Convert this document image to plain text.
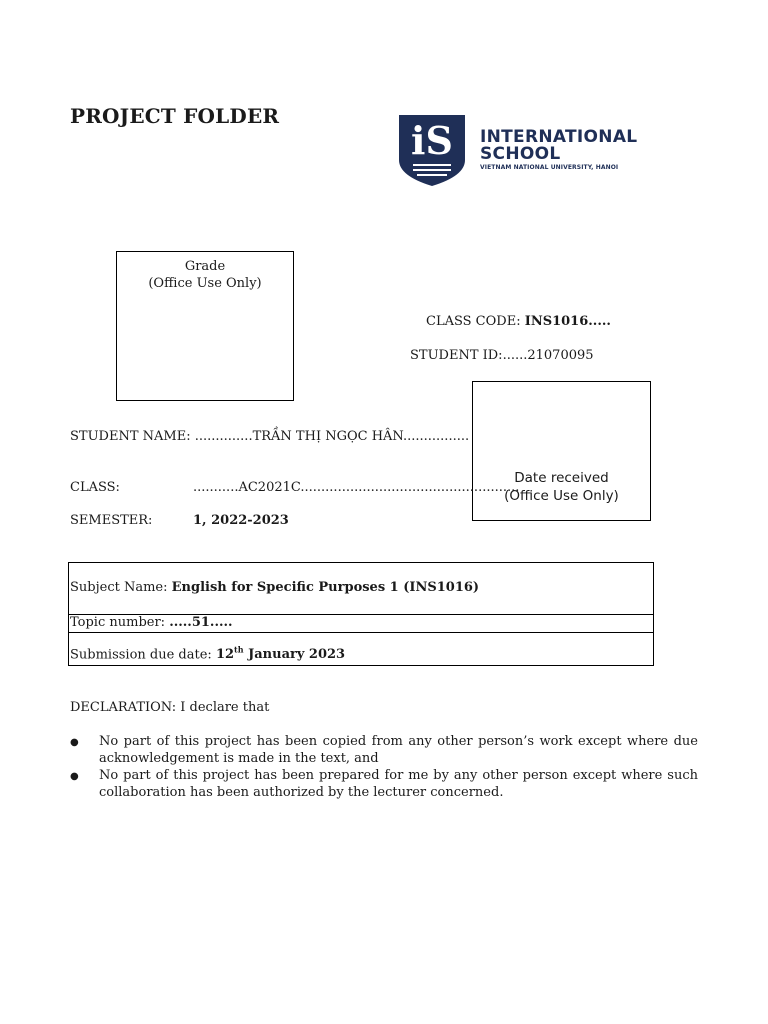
PROJECT FOLDER
iS INTERNATIONAL
SCHOOL
VIETNAM NATIONAL UNIVERSITY, HANOI
Grade
(Office Use Only)
CLASS CODE: INS1016.....
STUDENT ID:......21070095
Date received
(Office Use Only)
STUDENT NAME: ..............TRẦN THỊ NGỌC HÂN................
CLASS:	...........AC2021C.....................................................
SEMESTER:	1, 2022-2023
Subject Name: English for Specific Purposes 1 (INS1016)
Topic number: .....51.....
Submission due date: 12th January 2023
DECLARATION: I declare that
●	No part of this project has been copied from any other person’s work except where due acknowledgement is made in the text, and
●	No part of this project has been prepared for me by any other person except where such collaboration has been authorized by the lecturer concerned.
